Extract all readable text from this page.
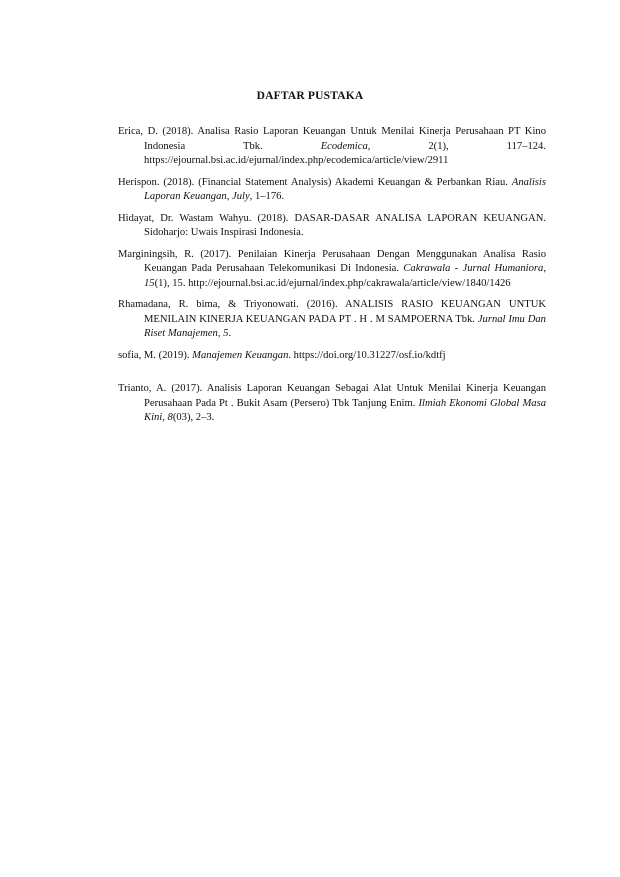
DAFTAR PUSTAKA

Erica, D. (2018). Analisa Rasio Laporan Keuangan Untuk Menilai Kinerja Perusahaan PT Kino Indonesia Tbk. Ecodemica, 2(1), 117–124. https://ejournal.bsi.ac.id/ejurnal/index.php/ecodemica/article/view/2911

Herispon. (2018). (Financial Statement Analysis) Akademi Keuangan & Perbankan Riau. Analisis Laporan Keuangan, July, 1–176.

Hidayat, Dr. Wastam Wahyu. (2018). DASAR-DASAR ANALISA LAPORAN KEUANGAN. Sidoharjo: Uwais Inspirasi Indonesia.

Marginingsih, R. (2017). Penilaian Kinerja Perusahaan Dengan Menggunakan Analisa Rasio Keuangan Pada Perusahaan Telekomunikasi Di Indonesia. Cakrawala - Jurnal Humaniora, 15(1), 15. http://ejournal.bsi.ac.id/ejurnal/index.php/cakrawala/article/view/1840/1426

Rhamadana, R. bima, & Triyonowati. (2016). ANALISIS RASIO KEUANGAN UNTUK MENILAIN KINERJA KEUANGAN PADA PT . H . M SAMPOERNA Tbk. Jurnal Imu Dan Riset Manajemen, 5.

sofia, M. (2019). Manajemen Keuangan. https://doi.org/10.31227/osf.io/kdtfj

Trianto, A. (2017). Analisis Laporan Keuangan Sebagai Alat Untuk Menilai Kinerja Keuangan Perusahaan Pada Pt . Bukit Asam (Persero) Tbk Tanjung Enim. Ilmiah Ekonomi Global Masa Kini, 8(03), 2–3.
